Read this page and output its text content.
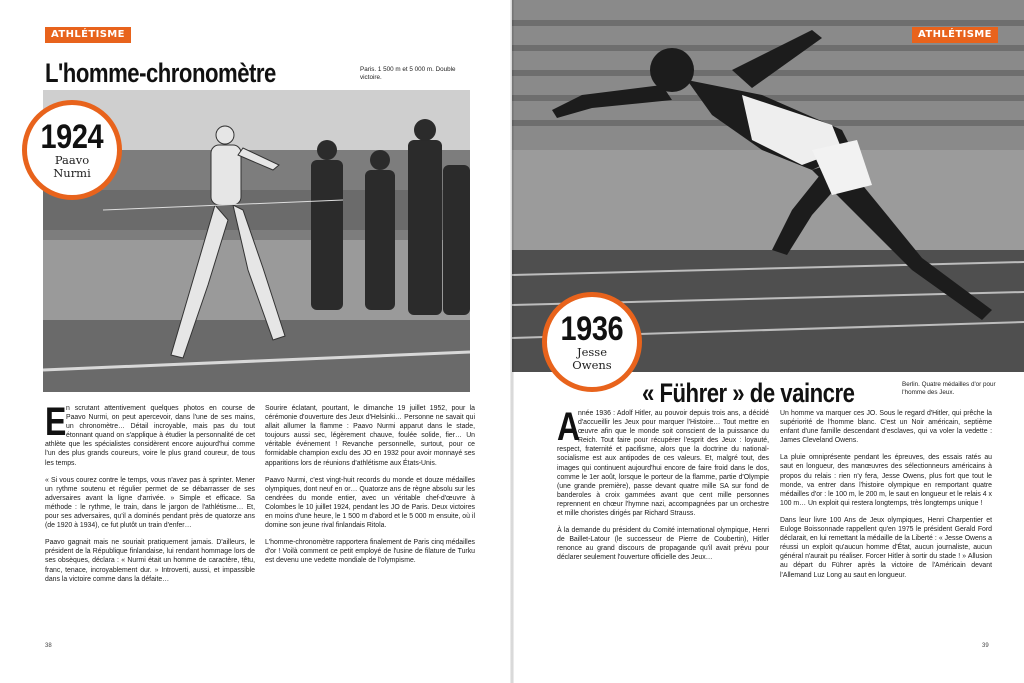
ATHLÉTISME
L'homme-chronomètre	Paris. 1 500 m et 5 000 m. Double victoire.
1924
Paavo
Nurmi

En scrutant attentivement quelques photos en course de Paavo Nurmi, on peut apercevoir, dans l'une de ses mains, un chronomètre… Détail incroyable, mais pas du tout étonnant quand on s'applique à étudier la personnalité de cet athlète que les spécialistes considèrent encore aujourd'hui comme l'un des plus grands coureurs, voire le plus grand coureur, de tous les temps.

« Si vous courez contre le temps, vous n'avez pas à sprinter. Mener un rythme soutenu et régulier permet de se débarrasser de ses adversaires avant la ligne d'arrivée. » Simple et efficace. Sa méthode : le rythme, le train, dans le jargon de l'athlétisme… Et, pour ses adversaires, qu'il a dominés pendant près de quatorze ans (de 1920 à 1934), ce fut plutôt un train d'enfer…

Paavo gagnait mais ne souriait pratiquement jamais. D'ailleurs, le président de la République finlandaise, lui rendant hommage lors de ses obsèques, déclara : « Nurmi était un homme de caractère, têtu, franc, tenace, incroyablement dur. » Introverti, aussi, et impassible dans la victoire comme dans la défaite…

Sourire éclatant, pourtant, le dimanche 19 juillet 1952, pour la cérémonie d'ouverture des Jeux d'Helsinki… Personne ne savait qui allait allumer la flamme : Paavo Nurmi apparut dans le stade, toujours aussi sec, légèrement chauve, foulée solide, fier… Un véritable événement ! Revanche personnelle, surtout, pour ce formidable champion exclu des JO en 1932 pour avoir monnayé ses apparitions lors de réunions d'athlétisme aux États-Unis.

Paavo Nurmi, c'est vingt-huit records du monde et douze médailles olympiques, dont neuf en or… Quatorze ans de règne absolu sur les cendrées du monde entier, avec un véritable chef-d'œuvre à Colombes le 10 juillet 1924, pendant les JO de Paris. Deux victoires en moins d'une heure, le 1 500 m d'abord et le 5 000 m ensuite, où il domine son jeune rival finlandais Ritola.

L'homme-chronomètre rapportera finalement de Paris cinq médailles d'or ! Voilà comment ce petit employé de l'usine de filature de Turku est devenu une vedette mondiale de l'olympisme.

38
ATHLÉTISME
1936
Jesse
Owens
« Führer » de vaincre	Berlin. Quatre médailles d'or pour l'homme des Jeux.

A
nnée 1936 : Adolf Hitler, au pouvoir depuis trois ans, a décidé d'accueillir les Jeux pour marquer l'Histoire… Tout mettre en œuvre afin que le monde soit conscient de la puissance du Reich. Tout faire pour récupérer l'esprit des Jeux : loyauté, respect, fraternité et pacifisme, alors que la doctrine du national-socialisme est aux antipodes de ces valeurs. Et, malgré tout, des images qui continuent aujourd'hui encore de faire froid dans le dos, comme le 1er août, lorsque le porteur de la flamme, partie d'Olympie (une grande première), passe devant quatre mille SA sur fond de banderoles à croix gammées avant que cent mille personnes reprennent en chœur l'hymne nazi, accompagnées par un orchestre et mille choristes dirigés par Richard Strauss.

À la demande du président du Comité international olympique, Henri de Baillet-Latour (le successeur de Pierre de Coubertin), Hitler renonce au grand discours de propagande qu'il avait prévu pour déclarer seulement l'ouverture officielle des Jeux…

Un homme va marquer ces JO. Sous le regard d'Hitler, qui prêche la supériorité de l'homme blanc. C'est un Noir américain, septième enfant d'une famille descendant d'esclaves, qui va voler la vedette : James Cleveland Owens.

La pluie omniprésente pendant les épreuves, des essais ratés au saut en longueur, des manœuvres des sélectionneurs américains à propos du relais : rien n'y fera, Jesse Owens, plus fort que tout le monde, va entrer dans l'histoire olympique en remportant quatre médailles d'or : le 100 m, le 200 m, le saut en longueur et le relais 4 x 100 m… Un exploit qui restera longtemps, très longtemps unique !

Dans leur livre 100 Ans de Jeux olympiques, Henri Charpentier et Euloge Boissonnade rappellent qu'en 1975 le président Gerald Ford déclarait, en lui remettant la médaille de la Liberté : « Jesse Owens a réussi un exploit qu'aucun homme d'État, aucun journaliste, aucun général n'aurait pu réaliser. Forcer Hitler à sortir du stade ! » Allusion au départ du Führer après la victoire de l'Américain devant l'Allemand Luz Long au saut en longueur.

39
